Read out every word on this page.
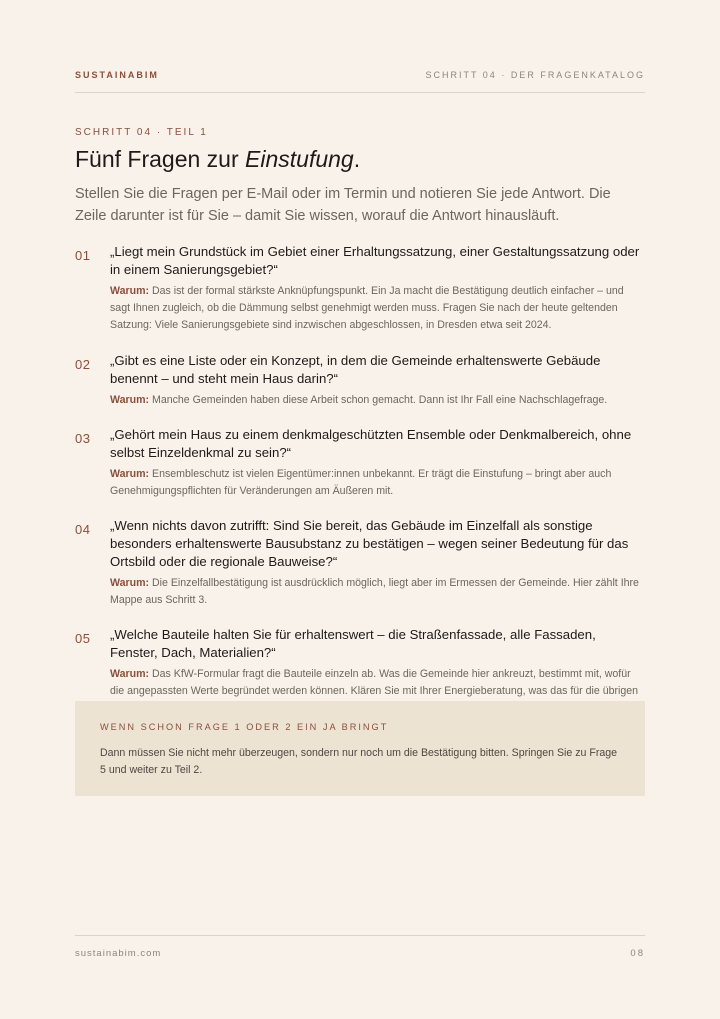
SUSTAINABIM	SCHRITT 04 · DER FRAGENKATALOG
SCHRITT 04 · TEIL 1
Fünf Fragen zur Einstufung.

Stellen Sie die Fragen per E-Mail oder im Termin und notieren Sie jede Antwort. Die Zeile darunter ist für Sie – damit Sie wissen, worauf die Antwort hinausläuft.

01	„Liegt mein Grundstück im Gebiet einer Erhaltungssatzung, einer Gestaltungssatzung oder in einem Sanierungsgebiet?“

Warum: Das ist der formal stärkste Anknüpfungspunkt. Ein Ja macht die Bestätigung deutlich einfacher – und sagt Ihnen zugleich, ob die Dämmung selbst genehmigt werden muss. Fragen Sie nach der heute geltenden Satzung: Viele Sanierungsgebiete sind inzwischen abgeschlossen, in Dresden etwa seit 2024.

02	„Gibt es eine Liste oder ein Konzept, in dem die Gemeinde erhaltenswerte Gebäude benennt – und steht mein Haus darin?“

Warum: Manche Gemeinden haben diese Arbeit schon gemacht. Dann ist Ihr Fall eine Nachschlagefrage.

03	„Gehört mein Haus zu einem denkmalgeschützten Ensemble oder Denkmalbereich, ohne selbst Einzeldenkmal zu sein?“

Warum: Ensembleschutz ist vielen Eigentümer:innen unbekannt. Er trägt die Einstufung – bringt aber auch Genehmigungspflichten für Veränderungen am Äußeren mit.

04	„Wenn nichts davon zutrifft: Sind Sie bereit, das Gebäude im Einzelfall als sonstige besonders erhaltenswerte Bausubstanz zu bestätigen – wegen seiner Bedeutung für das Ortsbild oder die regionale Bauweise?“

Warum: Die Einzelfallbestätigung ist ausdrücklich möglich, liegt aber im Ermessen der Gemeinde. Hier zählt Ihre Mappe aus Schritt 3.

05	„Welche Bauteile halten Sie für erhaltenswert – die Straßenfassade, alle Fassaden, Fenster, Dach, Materialien?“

Warum: Das KfW-Formular fragt die Bauteile einzeln ab. Was die Gemeinde hier ankreuzt, bestimmt mit, wofür die angepassten Werte begründet werden können. Klären Sie mit Ihrer Energieberatung, was das für die übrigen

WENN SCHON FRAGE 1 ODER 2 EIN JA BRINGT

Dann müssen Sie nicht mehr überzeugen, sondern nur noch um die Bestätigung bitten. Springen Sie zu Frage 5 und weiter zu Teil 2.

sustainabim.com	08
